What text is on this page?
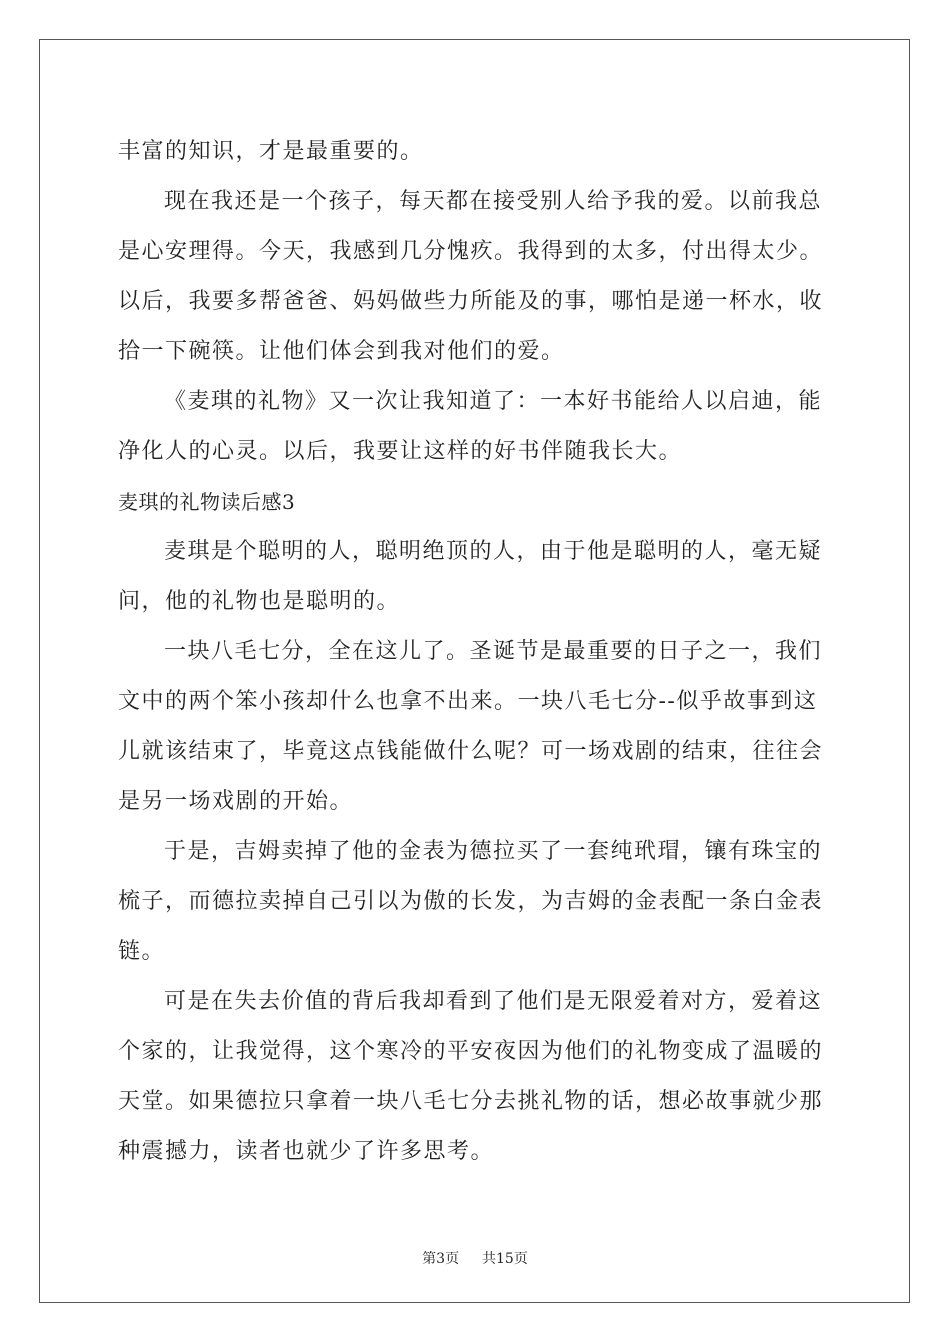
丰富的知识，才是最重要的。

现在我还是一个孩子，每天都在接受别人给予我的爱。以前我总

是心安理得。今天，我感到几分愧疚。我得到的太多，付出得太少。

以后，我要多帮爸爸、妈妈做些力所能及的事，哪怕是递一杯水，收

拾一下碗筷。让他们体会到我对他们的爱。

《麦琪的礼物》又一次让我知道了：一本好书能给人以启迪，能

净化人的心灵。以后，我要让这样的好书伴随我长大。

麦琪的礼物读后感3

麦琪是个聪明的人，聪明绝顶的人，由于他是聪明的人，毫无疑

问，他的礼物也是聪明的。

一块八毛七分，全在这儿了。圣诞节是最重要的日子之一，我们

文中的两个笨小孩却什么也拿不出来。一块八毛七分--似乎故事到这

儿就该结束了，毕竟这点钱能做什么呢？可一场戏剧的结束，往往会

是另一场戏剧的开始。

于是，吉姆卖掉了他的金表为德拉买了一套纯玳瑁，镶有珠宝的

梳子，而德拉卖掉自己引以为傲的长发，为吉姆的金表配一条白金表

链。

可是在失去价值的背后我却看到了他们是无限爱着对方，爱着这

个家的，让我觉得，这个寒冷的平安夜因为他们的礼物变成了温暖的

天堂。如果德拉只拿着一块八毛七分去挑礼物的话，想必故事就少那

种震撼力，读者也就少了许多思考。

第3页 共15页
